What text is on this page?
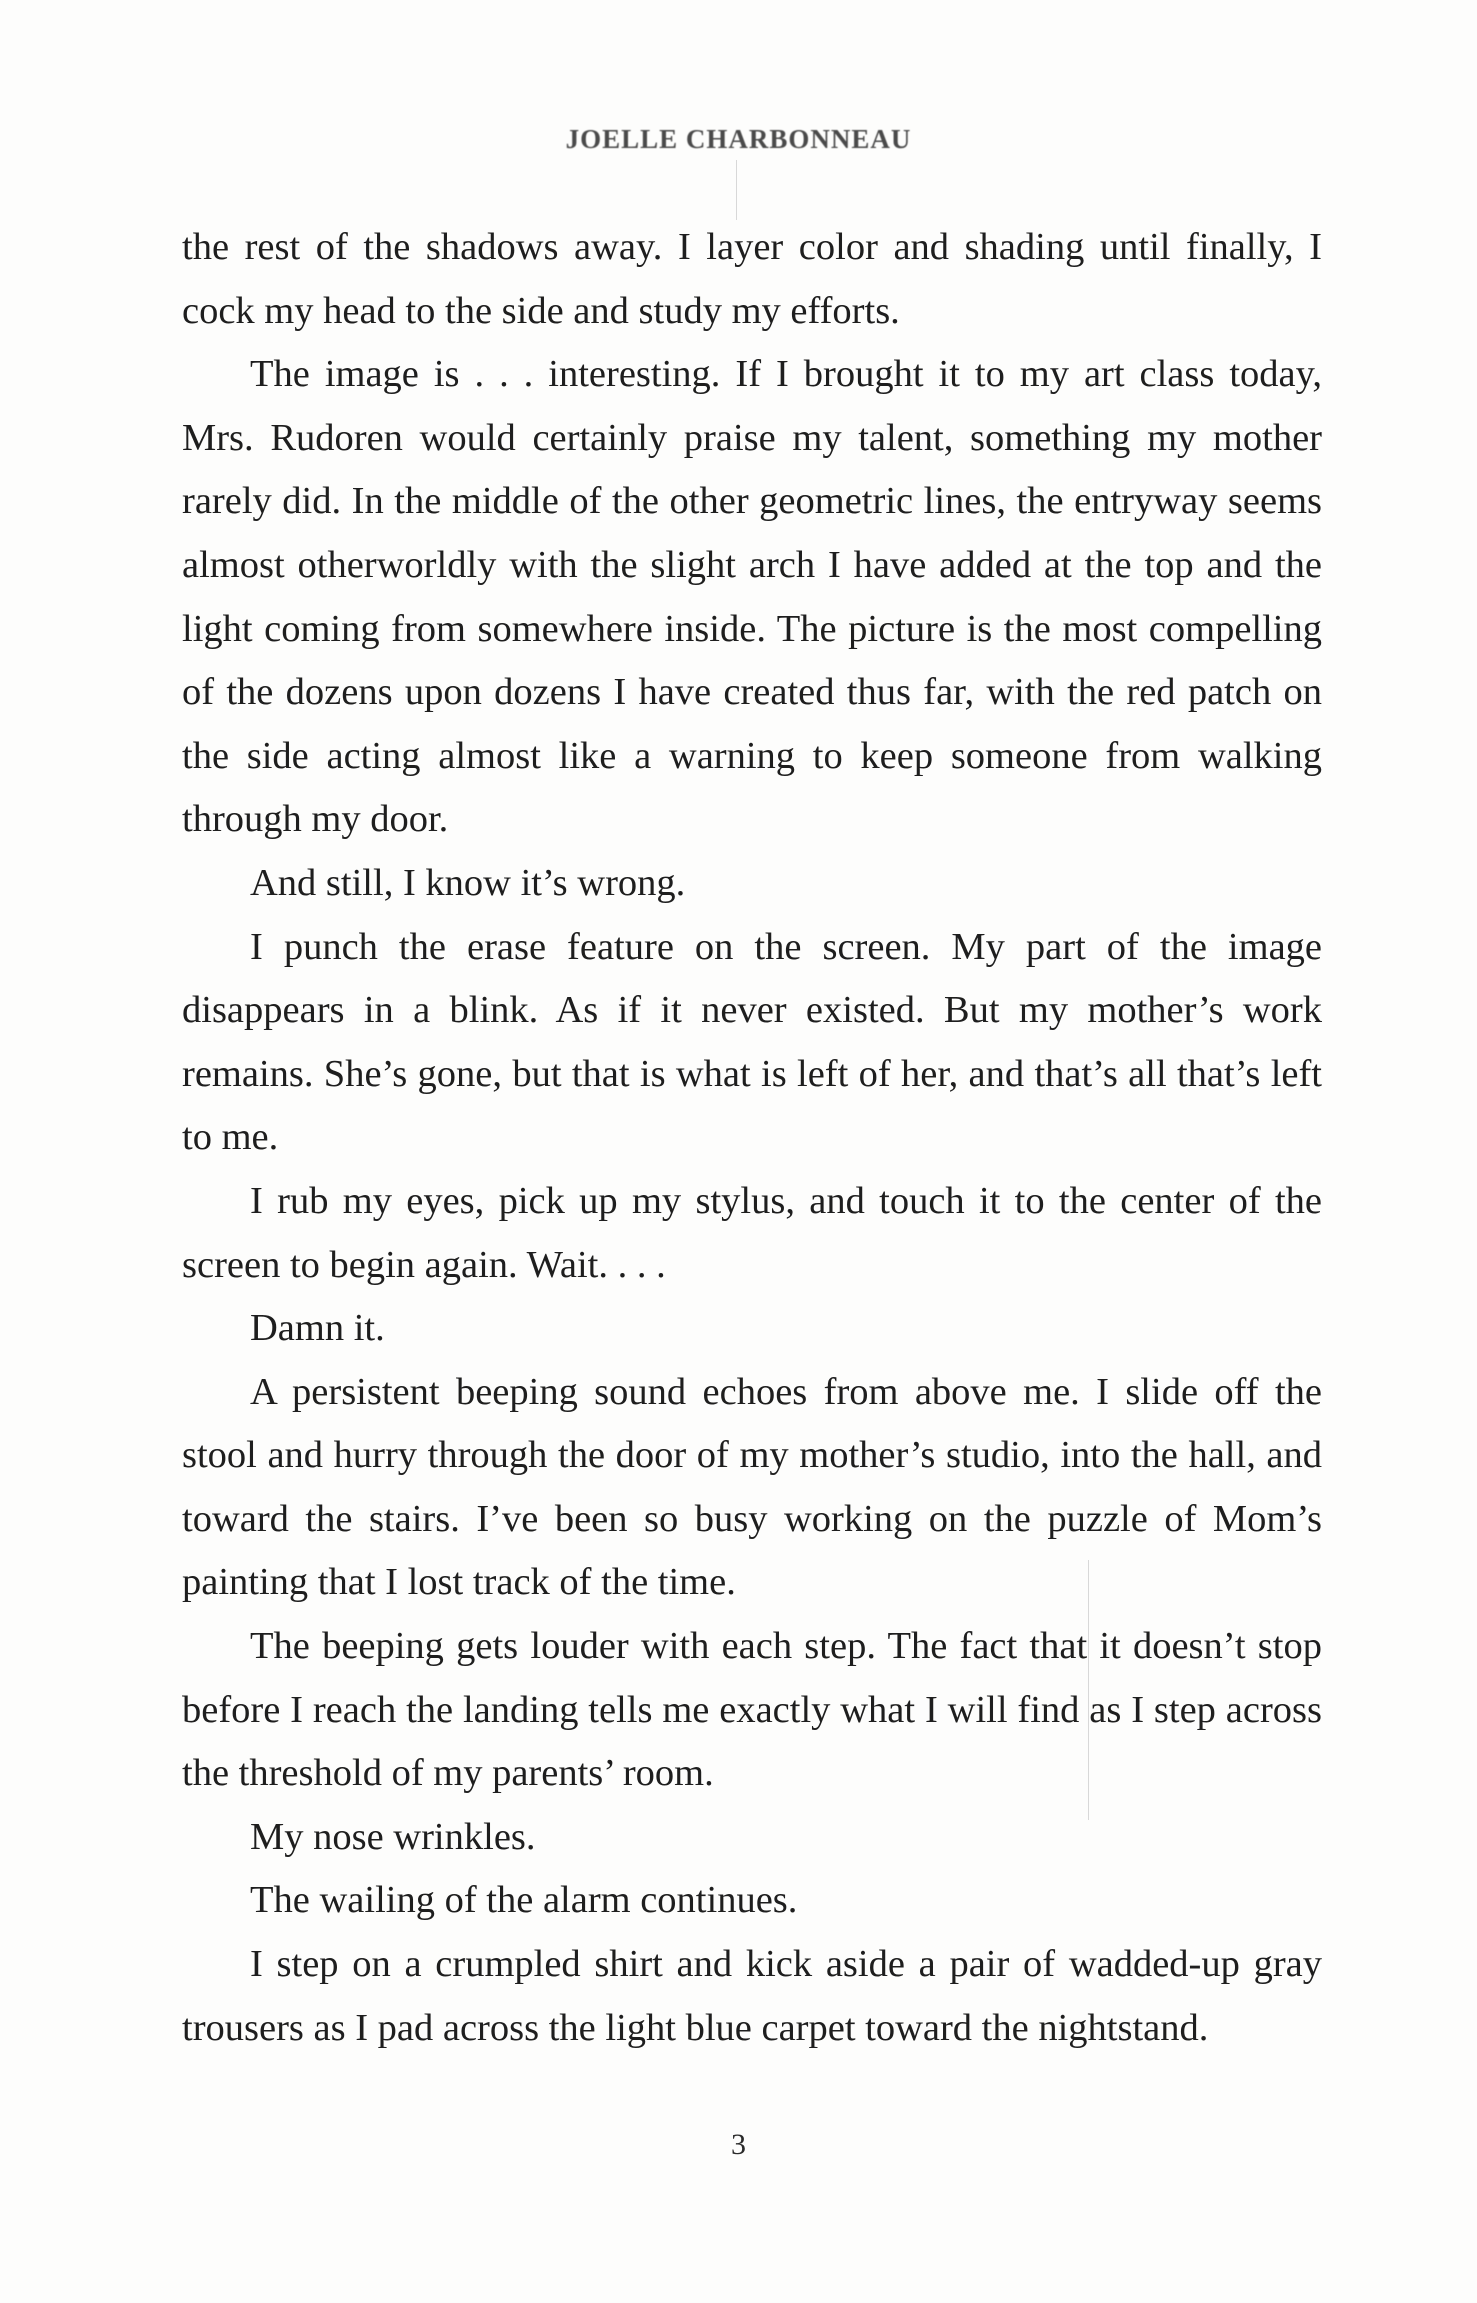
JOELLE CHARBONNEAU

the rest of the shadows away. I layer color and shading until finally, I cock my head to the side and study my efforts.

The image is . . . interesting. If I brought it to my art class today, Mrs. Rudoren would certainly praise my talent, something my mother rarely did. In the middle of the other geometric lines, the entryway seems almost otherworldly with the slight arch I have added at the top and the light coming from somewhere inside. The picture is the most compelling of the dozens upon dozens I have created thus far, with the red patch on the side acting almost like a warning to keep someone from walking through my door.

And still, I know it’s wrong.

I punch the erase feature on the screen. My part of the image disappears in a blink. As if it never existed. But my mother’s work remains. She’s gone, but that is what is left of her, and that’s all that’s left to me.

I rub my eyes, pick up my stylus, and touch it to the center of the screen to begin again. Wait. . . .

Damn it.

A persistent beeping sound echoes from above me. I slide off the stool and hurry through the door of my mother’s studio, into the hall, and toward the stairs. I’ve been so busy working on the puzzle of Mom’s painting that I lost track of the time.

The beeping gets louder with each step. The fact that it doesn’t stop before I reach the landing tells me exactly what I will find as I step across the threshold of my parents’ room.

My nose wrinkles.

The wailing of the alarm continues.

I step on a crumpled shirt and kick aside a pair of wadded-up gray trousers as I pad across the light blue carpet toward the nightstand.

3
